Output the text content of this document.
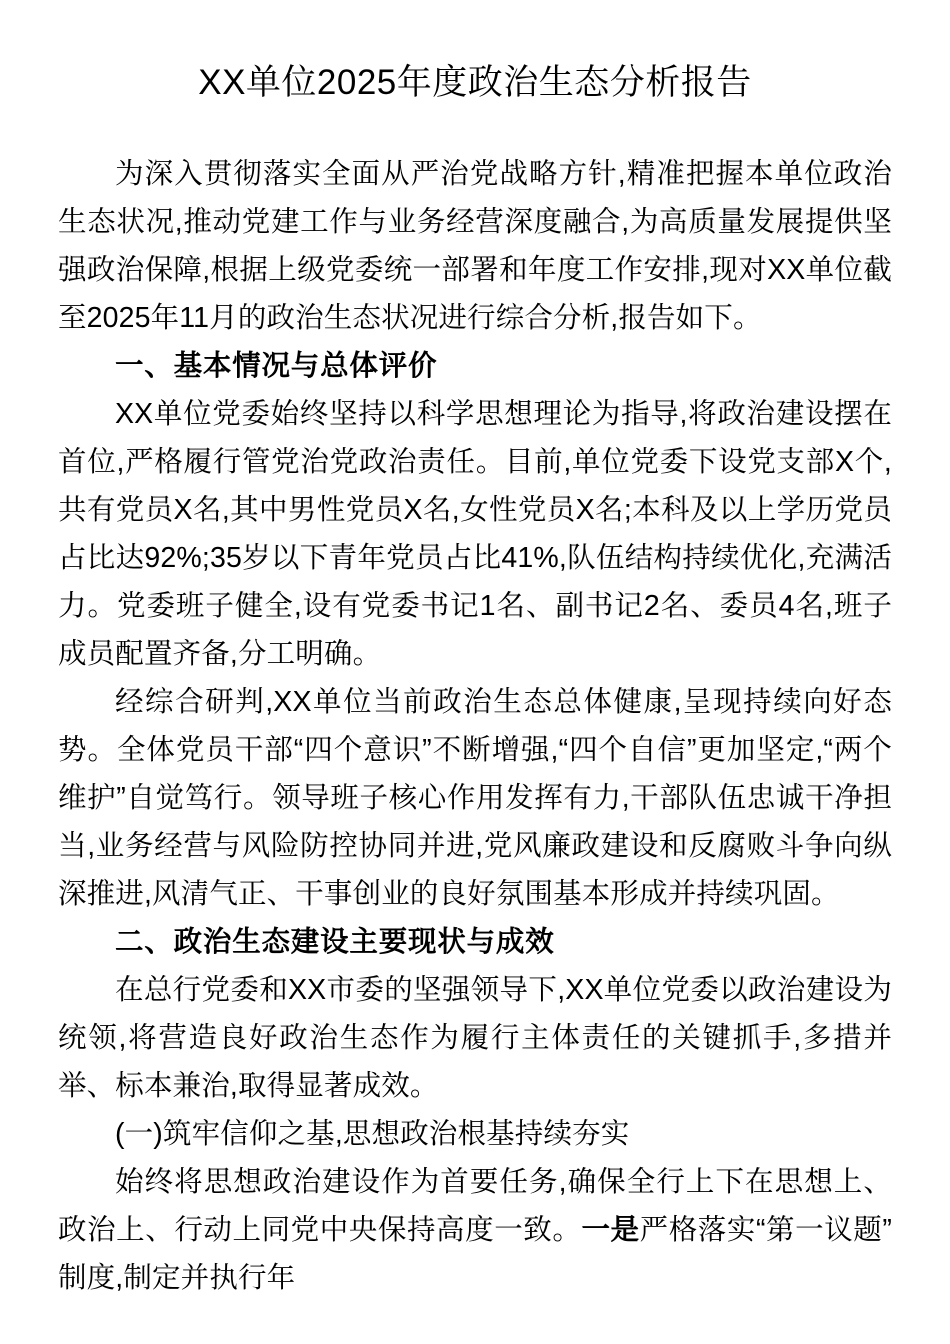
XX单位2025年度政治生态分析报告

为深入贯彻落实全面从严治党战略方针,精准把握本单位政治生态状况,推动党建工作与业务经营深度融合,为高质量发展提供坚强政治保障,根据上级党委统一部署和年度工作安排,现对XX单位截至2025年11月的政治生态状况进行综合分析,报告如下。

一、基本情况与总体评价

XX单位党委始终坚持以科学思想理论为指导,将政治建设摆在首位,严格履行管党治党政治责任。目前,单位党委下设党支部X个,共有党员X名,其中男性党员X名,女性党员X名;本科及以上学历党员占比达92%;35岁以下青年党员占比41%,队伍结构持续优化,充满活力。党委班子健全,设有党委书记1名、副书记2名、委员4名,班子成员配置齐备,分工明确。

经综合研判,XX单位当前政治生态总体健康,呈现持续向好态势。全体党员干部“四个意识”不断增强,“四个自信”更加坚定,“两个维护”自觉笃行。领导班子核心作用发挥有力,干部队伍忠诚干净担当,业务经营与风险防控协同并进,党风廉政建设和反腐败斗争向纵深推进,风清气正、干事创业的良好氛围基本形成并持续巩固。

二、政治生态建设主要现状与成效

在总行党委和XX市委的坚强领导下,XX单位党委以政治建设为统领,将营造良好政治生态作为履行主体责任的关键抓手,多措并举、标本兼治,取得显著成效。

(一)筑牢信仰之基,思想政治根基持续夯实

始终将思想政治建设作为首要任务,确保全行上下在思想上、政治上、行动上同党中央保持高度一致。一是严格落实“第一议题”制度,制定并执行年
